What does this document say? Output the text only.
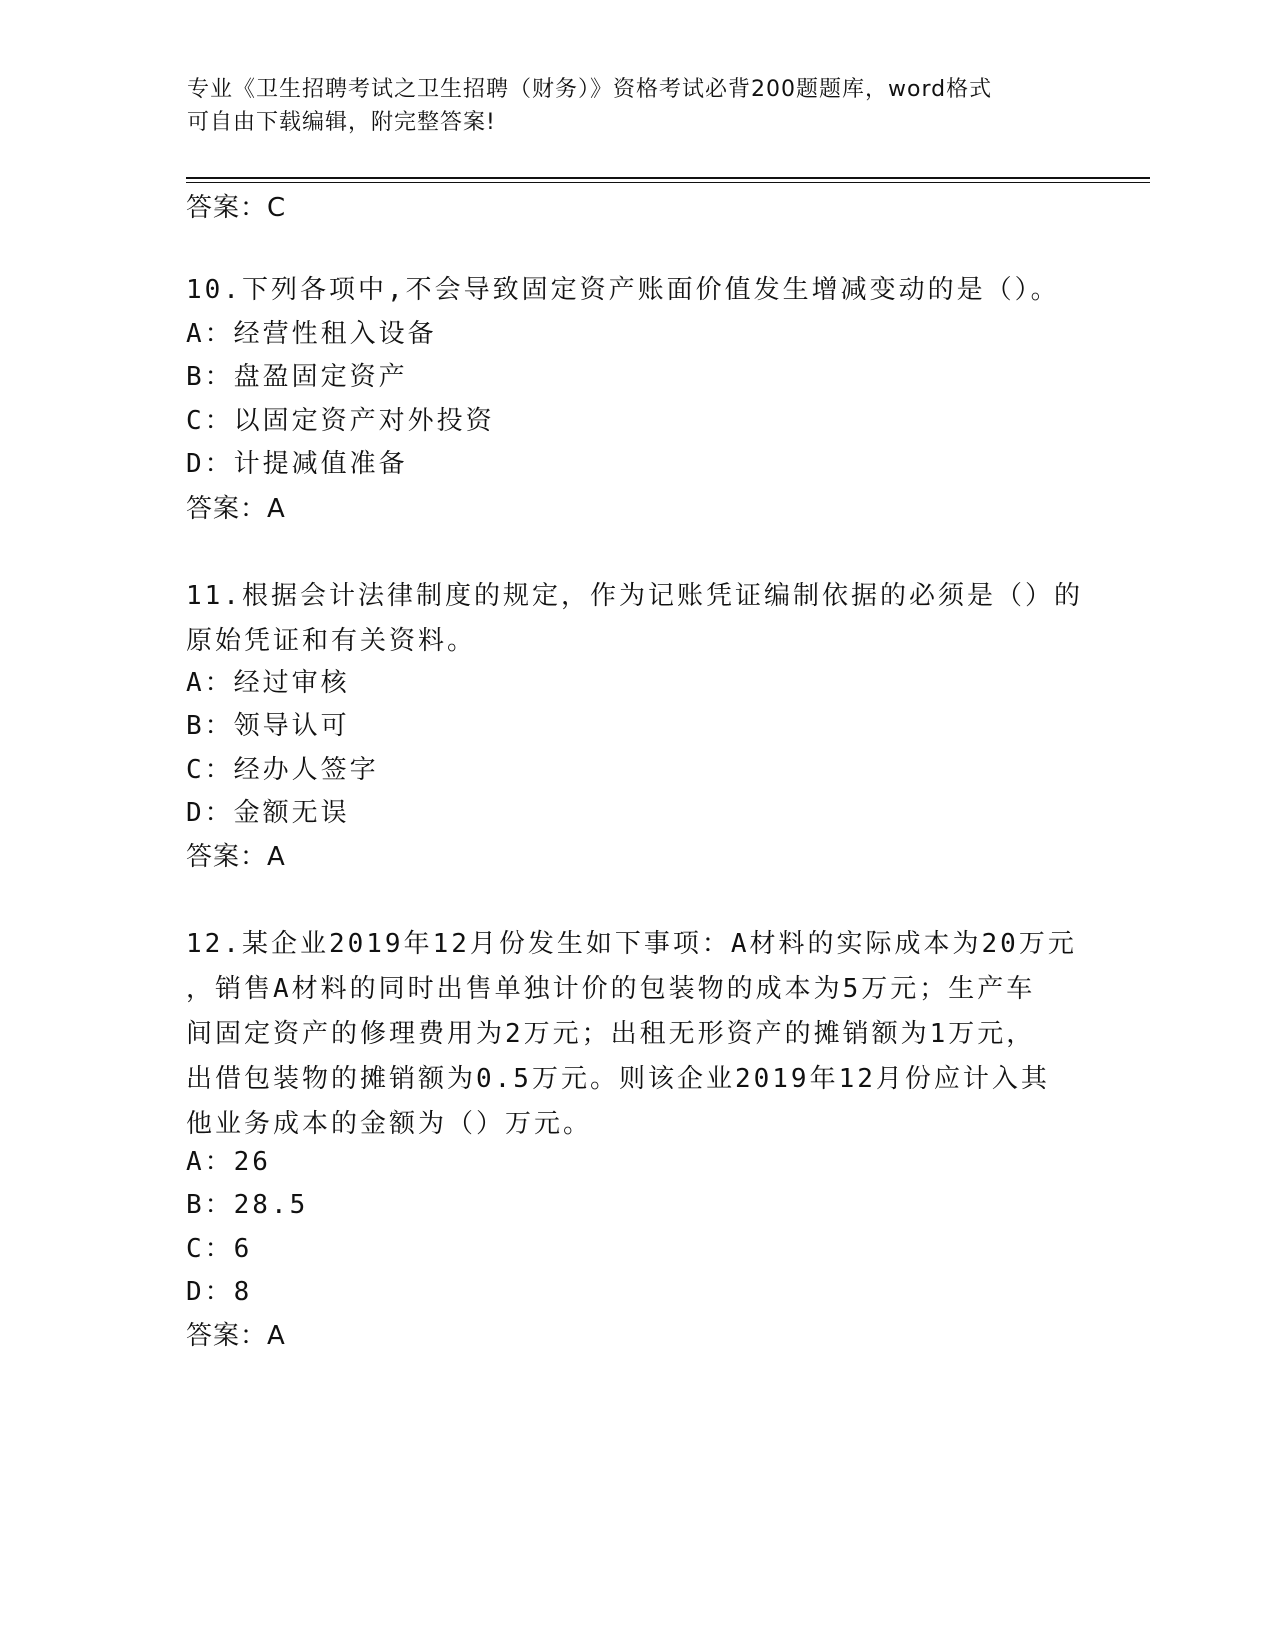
专业《卫生招聘考试之卫生招聘（财务）》资格考试必背200题题库，word格式
可自由下载编辑，附完整答案!
答案：C
10.下列各项中,不会导致固定资产账面价值发生增减变动的是（）。
A：经营性租入设备
B：盘盈固定资产
C：以固定资产对外投资
D：计提减值准备
答案：A
11.根据会计法律制度的规定，作为记账凭证编制依据的必须是（）的
原始凭证和有关资料。
A：经过审核
B：领导认可
C：经办人签字
D：金额无误
答案：A
12.某企业2019年12月份发生如下事项：A材料的实际成本为20万元
，销售A材料的同时出售单独计价的包装物的成本为5万元；生产车
间固定资产的修理费用为2万元；出租无形资产的摊销额为1万元，
出借包装物的摊销额为0.5万元。则该企业2019年12月份应计入其
他业务成本的金额为（）万元。
A：26
B：28.5
C：6
D：8
答案：A
